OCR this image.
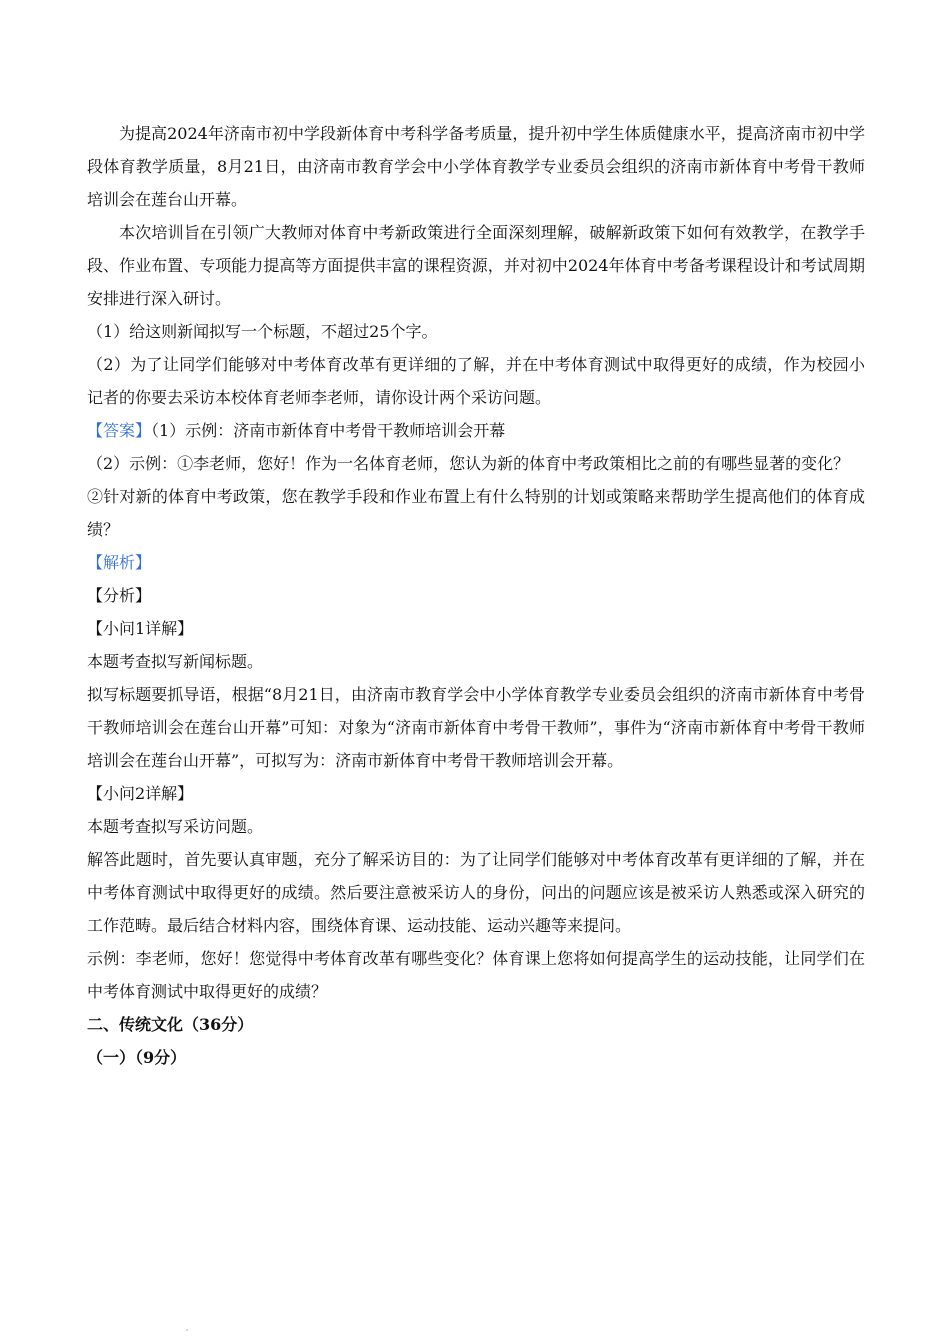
为提高2024年济南市初中学段新体育中考科学备考质量，提升初中学生体质健康水平，提高济南市初中学段体育教学质量，8月21日，由济南市教育学会中小学体育教学专业委员会组织的济南市新体育中考骨干教师培训会在莲台山开幕。

本次培训旨在引领广大教师对体育中考新政策进行全面深刻理解，破解新政策下如何有效教学，在教学手段、作业布置、专项能力提高等方面提供丰富的课程资源，并对初中2024年体育中考备考课程设计和考试周期安排进行深入研讨。

（1）给这则新闻拟写一个标题，不超过25个字。

（2）为了让同学们能够对中考体育改革有更详细的了解，并在中考体育测试中取得更好的成绩，作为校园小记者的你要去采访本校体育老师李老师，请你设计两个采访问题。

【答案】（1）示例：济南市新体育中考骨干教师培训会开幕

（2）示例：①李老师，您好！作为一名体育老师，您认为新的体育中考政策相比之前的有哪些显著的变化？

②针对新的体育中考政策，您在教学手段和作业布置上有什么特别的计划或策略来帮助学生提高他们的体育成绩？

【解析】

【分析】

【小问1详解】

本题考查拟写新闻标题。

拟写标题要抓导语，根据“8月21日，由济南市教育学会中小学体育教学专业委员会组织的济南市新体育中考骨干教师培训会在莲台山开幕”可知：对象为“济南市新体育中考骨干教师”，事件为“济南市新体育中考骨干教师培训会在莲台山开幕”，可拟写为：济南市新体育中考骨干教师培训会开幕。

【小问2详解】

本题考查拟写采访问题。

解答此题时，首先要认真审题，充分了解采访目的：为了让同学们能够对中考体育改革有更详细的了解，并在中考体育测试中取得更好的成绩。然后要注意被采访人的身份，问出的问题应该是被采访人熟悉或深入研究的工作范畴。最后结合材料内容，围绕体育课、运动技能、运动兴趣等来提问。

示例：李老师，您好！您觉得中考体育改革有哪些变化？体育课上您将如何提高学生的运动技能，让同学们在中考体育测试中取得更好的成绩？

二、传统文化（36分）

（一）（9分）
